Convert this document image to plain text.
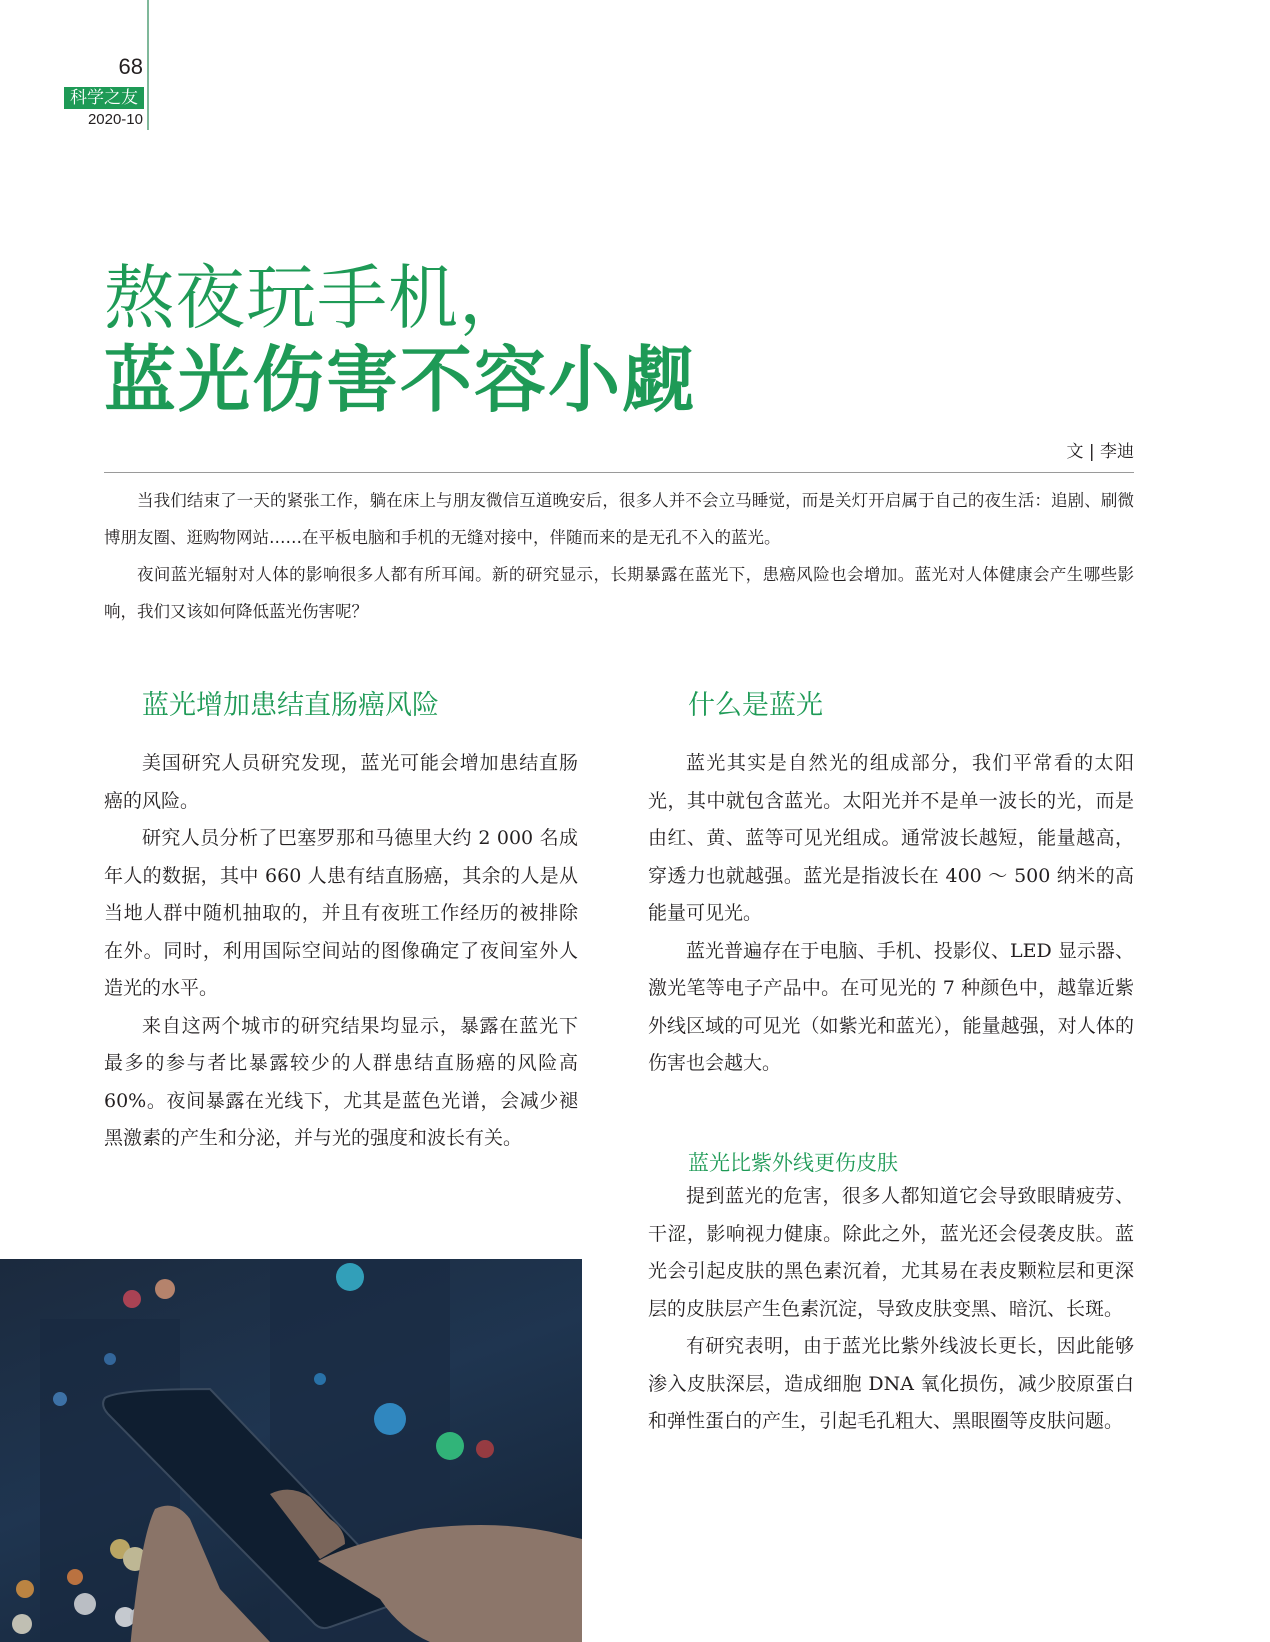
68
科学之友
2020-10
熬夜玩手机，
蓝光伤害不容小觑
文 | 李迪

当我们结束了一天的紧张工作，躺在床上与朋友微信互道晚安后，很多人并不会立马睡觉，而是关灯开启属于自己的夜生活：追剧、刷微博朋友圈、逛购物网站……在平板电脑和手机的无缝对接中，伴随而来的是无孔不入的蓝光。

夜间蓝光辐射对人体的影响很多人都有所耳闻。新的研究显示，长期暴露在蓝光下，患癌风险也会增加。蓝光对人体健康会产生哪些影响，我们又该如何降低蓝光伤害呢？

蓝光增加患结直肠癌风险

美国研究人员研究发现，蓝光可能会增加患结直肠癌的风险。

研究人员分析了巴塞罗那和马德里大约 2 000 名成年人的数据，其中 660 人患有结直肠癌，其余的人是从当地人群中随机抽取的，并且有夜班工作经历的被排除在外。同时，利用国际空间站的图像确定了夜间室外人造光的水平。

来自这两个城市的研究结果均显示，暴露在蓝光下最多的参与者比暴露较少的人群患结直肠癌的风险高 60%。夜间暴露在光线下，尤其是蓝色光谱，会减少褪黑激素的产生和分泌，并与光的强度和波长有关。

什么是蓝光

蓝光其实是自然光的组成部分，我们平常看的太阳光，其中就包含蓝光。太阳光并不是单一波长的光，而是由红、黄、蓝等可见光组成。通常波长越短，能量越高，穿透力也就越强。蓝光是指波长在 400 ～ 500 纳米的高能量可见光。

蓝光普遍存在于电脑、手机、投影仪、LED 显示器、激光笔等电子产品中。在可见光的 7 种颜色中，越靠近紫外线区域的可见光（如紫光和蓝光），能量越强，对人体的伤害也会越大。

蓝光比紫外线更伤皮肤

提到蓝光的危害，很多人都知道它会导致眼睛疲劳、干涩，影响视力健康。除此之外，蓝光还会侵袭皮肤。蓝光会引起皮肤的黑色素沉着，尤其易在表皮颗粒层和更深层的皮肤层产生色素沉淀，导致皮肤变黑、暗沉、长斑。

有研究表明，由于蓝光比紫外线波长更长，因此能够渗入皮肤深层，造成细胞 DNA 氧化损伤，减少胶原蛋白和弹性蛋白的产生，引起毛孔粗大、黑眼圈等皮肤问题。
